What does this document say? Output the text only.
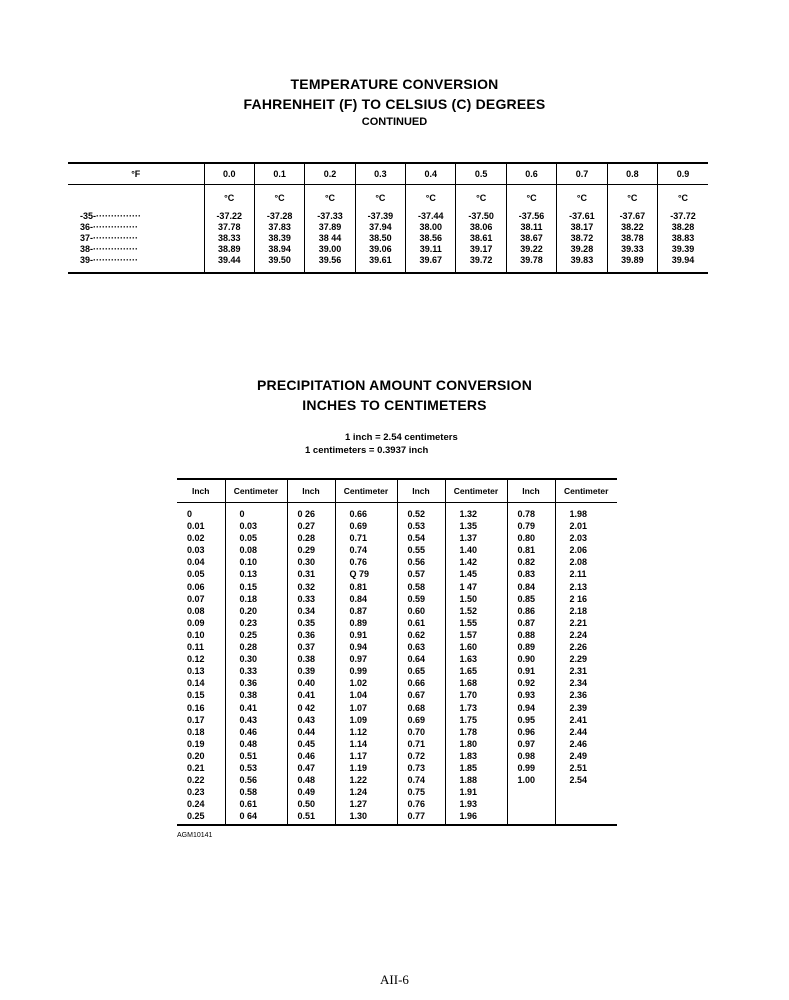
TEMPERATURE CONVERSION
FAHRENHEIT (F) TO CELSIUS (C) DEGREES
CONTINUED
°F	0.0	0.1	0.2	0.3	0.4	0.5	0.6	0.7	0.8	0.9
	°C	°C	°C	°C	°C	°C	°C	°C	°C	°C
-35-···············	-37.22	-37.28	-37.33	-37.39	-37.44	-37.50	-37.56	-37.61	-37.67	-37.72
36-···············	37.78	37.83	37.89	37.94	38.00	38.06	38.11	38.17	38.22	38.28
37-···············	38.33	38.39	38 44	38.50	38.56	38.61	38.67	38.72	38.78	38.83
38-···············	38.89	38.94	39.00	39.06	39.11	39.17	39.22	39.28	39.33	39.39
39-···············	39.44	39.50	39.56	39.61	39.67	39.72	39.78	39.83	39.89	39.94
PRECIPITATION AMOUNT CONVERSION
INCHES TO CENTIMETERS
1 inch = 2.54 centimeters
1 centimeters = 0.3937 inch
Inch	Centimeter	Inch	Centimeter	Inch	Centimeter	Inch	Centimeter
0	0	0 26	0.66	0.52	1.32	0.78	1.98
0.01	0.03	0.27	0.69	0.53	1.35	0.79	2.01
0.02	0.05	0.28	0.71	0.54	1.37	0.80	2.03
0.03	0.08	0.29	0.74	0.55	1.40	0.81	2.06
0.04	0.10	0.30	0.76	0.56	1.42	0.82	2.08
0.05	0.13	0.31	Q 79	0.57	1.45	0.83	2.11
0.06	0.15	0.32	0.81	0.58	1 47	0.84	2.13
0.07	0.18	0.33	0.84	0.59	1.50	0.85	2 16
0.08	0.20	0.34	0.87	0.60	1.52	0.86	2.18
0.09	0.23	0.35	0.89	0.61	1.55	0.87	2.21
0.10	0.25	0.36	0.91	0.62	1.57	0.88	2.24
0.11	0.28	0.37	0.94	0.63	1.60	0.89	2.26
0.12	0.30	0.38	0.97	0.64	1.63	0.90	2.29
0.13	0.33	0.39	0.99	0.65	1.65	0.91	2.31
0.14	0.36	0.40	1.02	0.66	1.68	0.92	2.34
0.15	0.38	0.41	1.04	0.67	1.70	0.93	2.36
0.16	0.41	0 42	1.07	0.68	1.73	0.94	2.39
0.17	0.43	0.43	1.09	0.69	1.75	0.95	2.41
0.18	0.46	0.44	1.12	0.70	1.78	0.96	2.44
0.19	0.48	0.45	1.14	0.71	1.80	0.97	2.46
0.20	0.51	0.46	1.17	0.72	1.83	0.98	2.49
0.21	0.53	0.47	1.19	0.73	1.85	0.99	2.51
0.22	0.56	0.48	1.22	0.74	1.88	1.00	2.54
0.23	0.58	0.49	1.24	0.75	1.91		
0.24	0.61	0.50	1.27	0.76	1.93		
0.25	0 64	0.51	1.30	0.77	1.96		
AGM10141
AII-6
